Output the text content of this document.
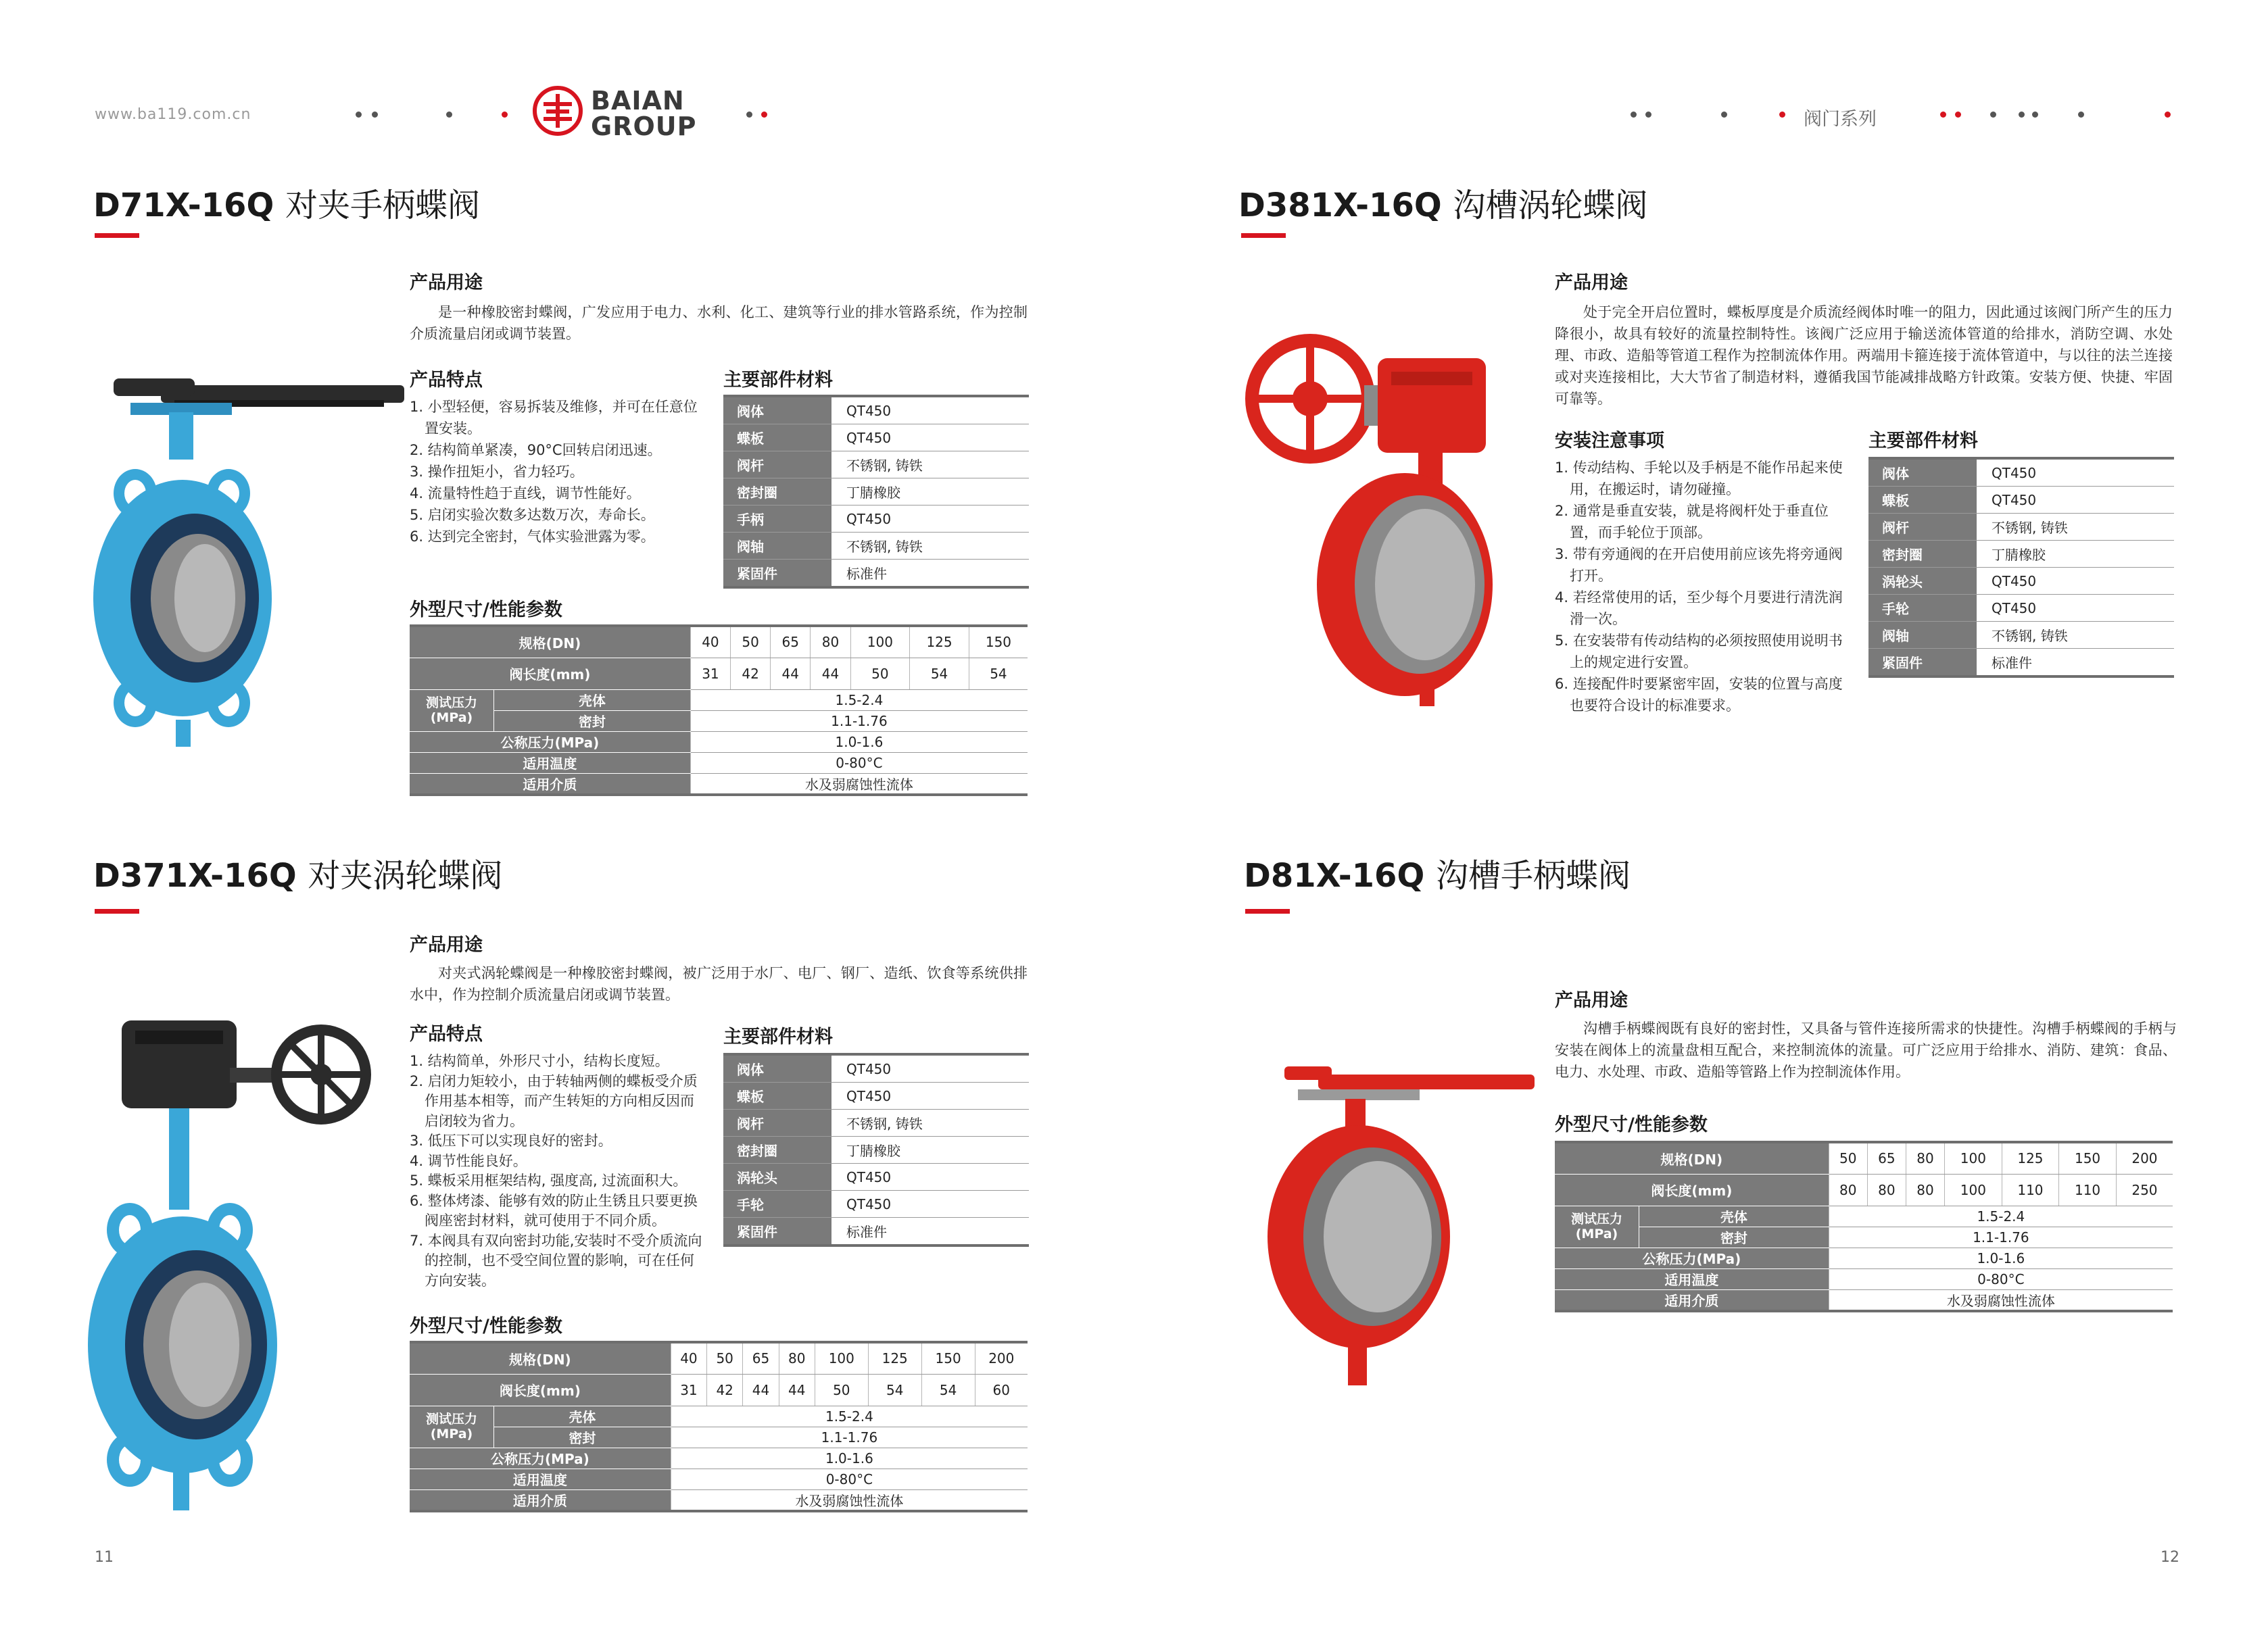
www.ba119.com.cn	BAIAN
GROUP	阀门系列
D71X-16Q 对夹手柄蝶阀
产品用途
是一种橡胶密封蝶阀，广发应用于电力、水利、化工、建筑等行业的排水管路系统，作为控制介质流量启闭或调节装置。
产品特点
1. 小型轻便，容易拆装及维修，并可在任意位置安装。
2. 结构简单紧凑，90°C回转启闭迅速。
3. 操作扭矩小，省力轻巧。
4. 流量特性趋于直线，调节性能好。
5. 启闭实验次数多达数万次，寿命长。
6. 达到完全密封，气体实验泄露为零。
主要部件材料
阀体	QT450
蝶板	QT450
阀杆	不锈钢, 铸铁
密封圈	丁腈橡胶
手柄	QT450
阀轴	不锈钢, 铸铁
紧固件	标准件
外型尺寸/性能参数
规格(DN)		40	50	65	80	100	125	150
阀长度(mm)		31	42	44	44	50	54	54
测试压力
(MPa)	壳体	1.5-2.4						
	密封	1.1-1.76						
公称压力(MPa)		1.0-1.6						
适用温度		0-80°C						
适用介质		水及弱腐蚀性流体						
D371X-16Q 对夹涡轮蝶阀
产品用途
对夹式涡轮蝶阀是一种橡胶密封蝶阀，被广泛用于水厂、电厂、钢厂、造纸、饮食等系统供排水中，作为控制介质流量启闭或调节装置。
产品特点
1. 结构简单，外形尺寸小，结构长度短。
2. 启闭力矩较小，由于转轴两侧的蝶板受介质作用基本相等，而产生转矩的方向相反因而启闭较为省力。
3. 低压下可以实现良好的密封。
4. 调节性能良好。
5. 蝶板采用框架结构, 强度高, 过流面积大。
6. 整体烤漆、能够有效的防止生锈且只要更换阀座密封材料，就可使用于不同介质。
7. 本阀具有双向密封功能,安装时不受介质流向的控制，也不受空间位置的影响，可在任何方向安装。
主要部件材料
阀体	QT450
蝶板	QT450
阀杆	不锈钢, 铸铁
密封圈	丁腈橡胶
涡轮头	QT450
手轮	QT450
紧固件	标准件
外型尺寸/性能参数
规格(DN)		40	50	65	80	100	125	150	200
阀长度(mm)		31	42	44	44	50	54	54	60
测试压力
(MPa)	壳体	1.5-2.4							
	密封	1.1-1.76							
公称压力(MPa)		1.0-1.6							
适用温度		0-80°C							
适用介质		水及弱腐蚀性流体							
11
D381X-16Q 沟槽涡轮蝶阀
产品用途
处于完全开启位置时，蝶板厚度是介质流经阀体时唯一的阻力，因此通过该阀门所产生的压力降很小，故具有较好的流量控制特性。该阀广泛应用于输送流体管道的给排水，消防空调、水处理、市政、造船等管道工程作为控制流体作用。两端用卡箍连接于流体管道中，与以往的法兰连接或对夹连接相比，大大节省了制造材料，遵循我国节能减排战略方针政策。安装方便、快捷、牢固可靠等。
安装注意事项
1. 传动结构、手轮以及手柄是不能作吊起来使用，在搬运时，请勿碰撞。
2. 通常是垂直安装，就是将阀杆处于垂直位置，而手轮位于顶部。
3. 带有旁通阀的在开启使用前应该先将旁通阀打开。
4. 若经常使用的话，至少每个月要进行清洗润滑一次。
5. 在安装带有传动结构的必须按照使用说明书上的规定进行安置。
6. 连接配件时要紧密牢固，安装的位置与高度也要符合设计的标准要求。
主要部件材料
阀体	QT450
蝶板	QT450
阀杆	不锈钢, 铸铁
密封圈	丁腈橡胶
涡轮头	QT450
手轮	QT450
阀轴	不锈钢, 铸铁
紧固件	标准件
D81X-16Q 沟槽手柄蝶阀
产品用途
沟槽手柄蝶阀既有良好的密封性，又具备与管件连接所需求的快捷性。沟槽手柄蝶阀的手柄与安装在阀体上的流量盘相互配合，来控制流体的流量。可广泛应用于给排水、消防、建筑：食品、电力、水处理、市政、造船等管路上作为控制流体作用。
外型尺寸/性能参数
规格(DN)		50	65	80	100	125	150	200
阀长度(mm)		80	80	80	100	110	110	250
测试压力
(MPa)	壳体	1.5-2.4						
	密封	1.1-1.76						
公称压力(MPa)		1.0-1.6						
适用温度		0-80°C						
适用介质		水及弱腐蚀性流体						
12
